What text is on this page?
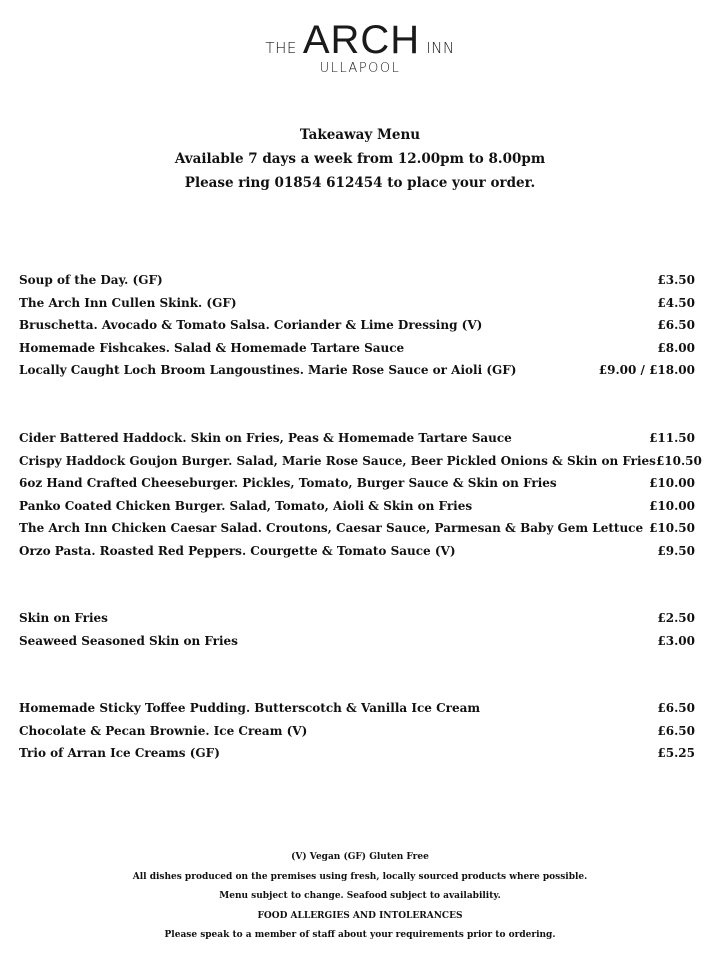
THE ARCH INN
ULLAPOOL
Takeaway Menu
Available 7 days a week from 12.00pm to 8.00pm
Please ring 01854 612454 to place your order.
Soup of the Day. (GF)	£3.50
The Arch Inn Cullen Skink. (GF)	£4.50
Bruschetta. Avocado & Tomato Salsa. Coriander & Lime Dressing (V)	£6.50
Homemade Fishcakes. Salad & Homemade Tartare Sauce	£8.00
Locally Caught Loch Broom Langoustines. Marie Rose Sauce or Aioli (GF)	£9.00 / £18.00
Cider Battered Haddock. Skin on Fries, Peas & Homemade Tartare Sauce	£11.50
Crispy Haddock Goujon Burger. Salad, Marie Rose Sauce, Beer Pickled Onions & Skin on Fries £10.50
6oz Hand Crafted Cheeseburger. Pickles, Tomato, Burger Sauce & Skin on Fries	£10.00
Panko Coated Chicken Burger. Salad, Tomato, Aioli & Skin on Fries	£10.00
The Arch Inn Chicken Caesar Salad. Croutons, Caesar Sauce, Parmesan & Baby Gem Lettuce £10.50
Orzo Pasta. Roasted Red Peppers. Courgette & Tomato Sauce (V)	£9.50
Skin on Fries	£2.50
Seaweed Seasoned Skin on Fries	£3.00
Homemade Sticky Toffee Pudding. Butterscotch & Vanilla Ice Cream	£6.50
Chocolate & Pecan Brownie. Ice Cream (V)	£6.50
Trio of Arran Ice Creams (GF)	£5.25
(V) Vegan (GF) Gluten Free
All dishes produced on the premises using fresh, locally sourced products where possible.
Menu subject to change. Seafood subject to availability.
FOOD ALLERGIES AND INTOLERANCES
Please speak to a member of staff about your requirements prior to ordering.
